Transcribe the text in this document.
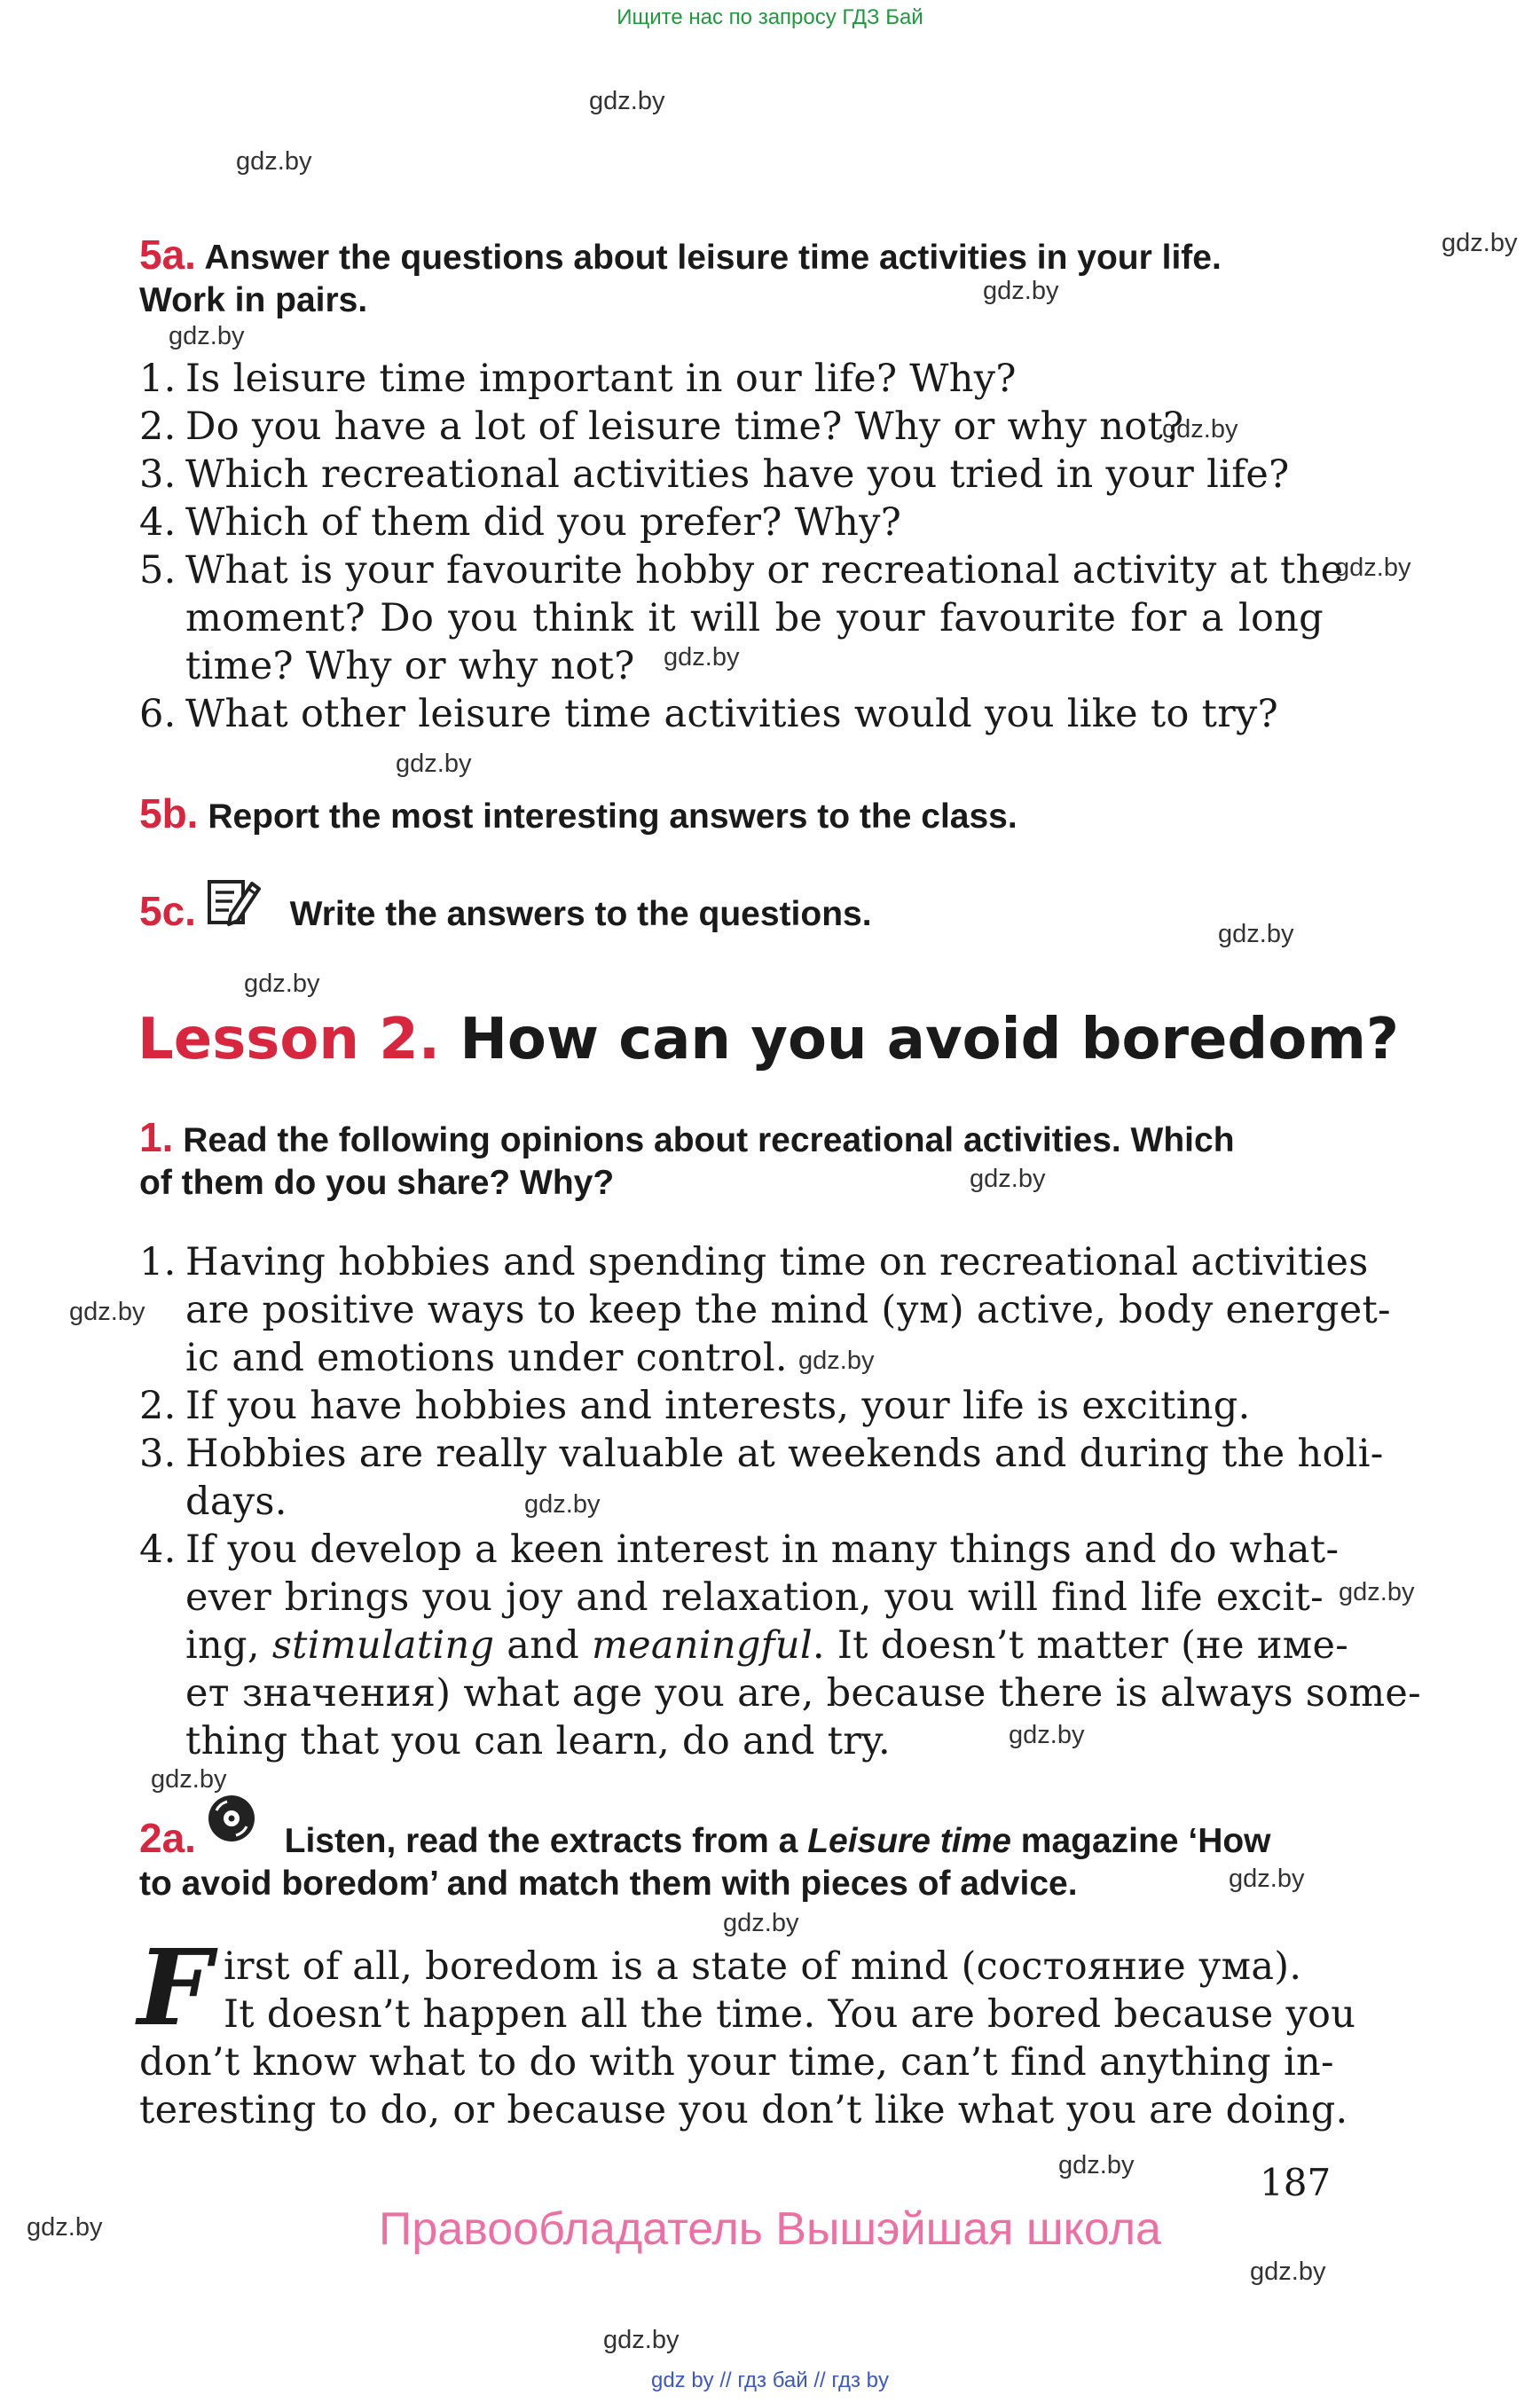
Ищите нас по запросу ГДЗ Бай
gdz.by
gdz.by
gdz.by
gdz.by
gdz.by
gdz.by
gdz.by
gdz.by
gdz.by
gdz.by
gdz.by
gdz.by
gdz.by
gdz.by
gdz.by
gdz.by
gdz.by
gdz.by
gdz.by
gdz.by
gdz.by
gdz.by
gdz.by
gdz.by
5a. Answer the questions about leisure time activities in your life.
Work in pairs.
1. Is leisure time important in our life? Why?
2. Do you have a lot of leisure time? Why or why not?
3. Which recreational activities have you tried in your life?
4. Which of them did you prefer? Why?
5. What is your favourite hobby or recreational activity at the
moment? Do you think it will be your favourite for a long
time? Why or why not?
6. What other leisure time activities would you like to try?
5b. Report the most interesting answers to the class.
5c.	Write the answers to the questions.
Lesson 2. How can you avoid boredom?
1. Read the following opinions about recreational activities. Which
of them do you share? Why?
1. Having hobbies and spending time on recreational activities
are positive ways to keep the mind (ум) active, body energet-
ic and emotions under control.
2. If you have hobbies and interests, your life is exciting.
3. Hobbies are really valuable at weekends and during the holi-
days.
4. If you develop a keen interest in many things and do what-
ever brings you joy and relaxation, you will find life excit-
ing, stimulating and meaningful. It doesn’t matter (не име-
ет значения) what age you are, because there is always some-
thing that you can learn, do and try.
2a.	Listen, read the extracts from a Leisure time magazine ‘How
to avoid boredom’ and match them with pieces of advice.
F irst of all, boredom is a state of mind (состояние ума).
It doesn’t happen all the time. You are bored because you
don’t know what to do with your time, can’t find anything in-
teresting to do, or because you don’t like what you are doing.
187
Правообладатель Вышэйшая школа
gdz by // гдз бай // гдз by
